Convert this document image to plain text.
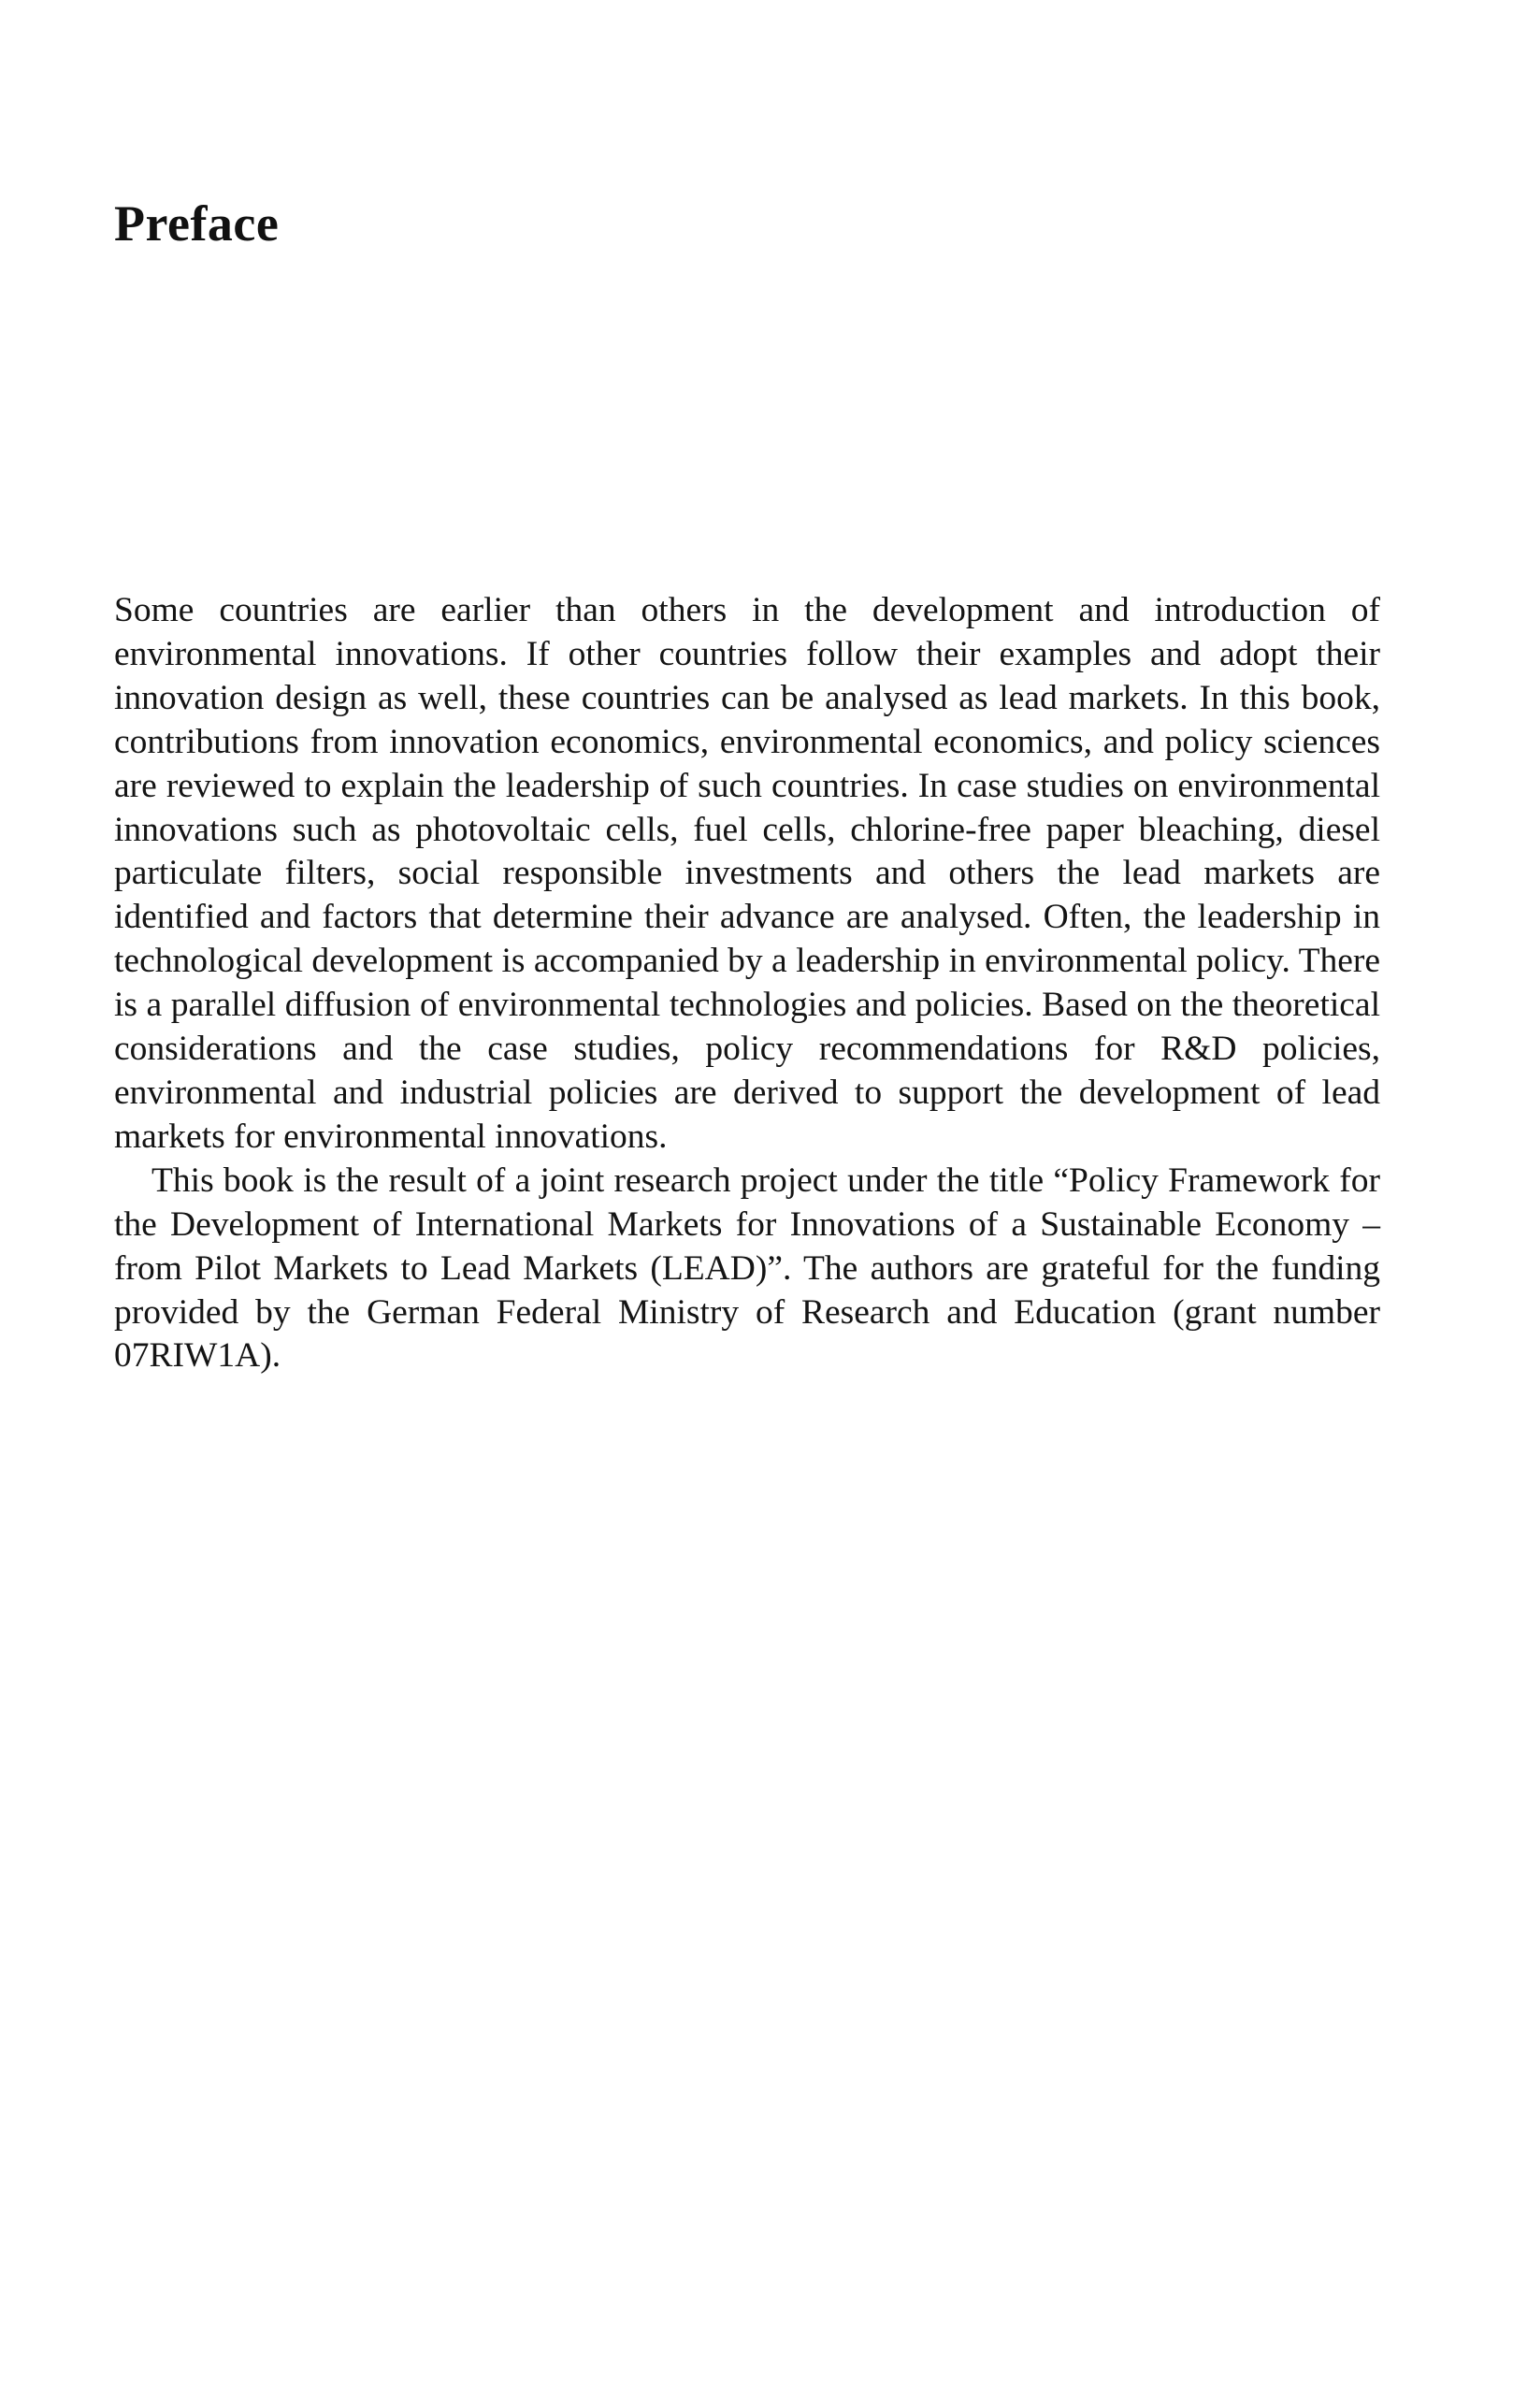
Preface

Some countries are earlier than others in the development and introduction of environmental innovations. If other countries follow their examples and adopt their innovation design as well, these countries can be analysed as lead markets. In this book, contributions from innovation economics, environmental economics, and policy sciences are reviewed to explain the leadership of such countries. In case studies on environmental innovations such as photovoltaic cells, fuel cells, chlorine-free paper bleaching, diesel particulate filters, social responsible investments and others the lead markets are identified and factors that determine their advance are analysed. Often, the leadership in technological development is accompanied by a leadership in environmental policy. There is a parallel diffusion of environmental technologies and policies. Based on the theoretical considerations and the case studies, policy recommendations for R&D policies, environmental and industrial policies are derived to support the development of lead markets for environmental innovations.

This book is the result of a joint research project under the title “Policy Framework for the Development of International Markets for Innovations of a Sustainable Economy – from Pilot Markets to Lead Markets (LEAD)”. The authors are grateful for the funding provided by the German Federal Ministry of Research and Education (grant number 07RIW1A).
